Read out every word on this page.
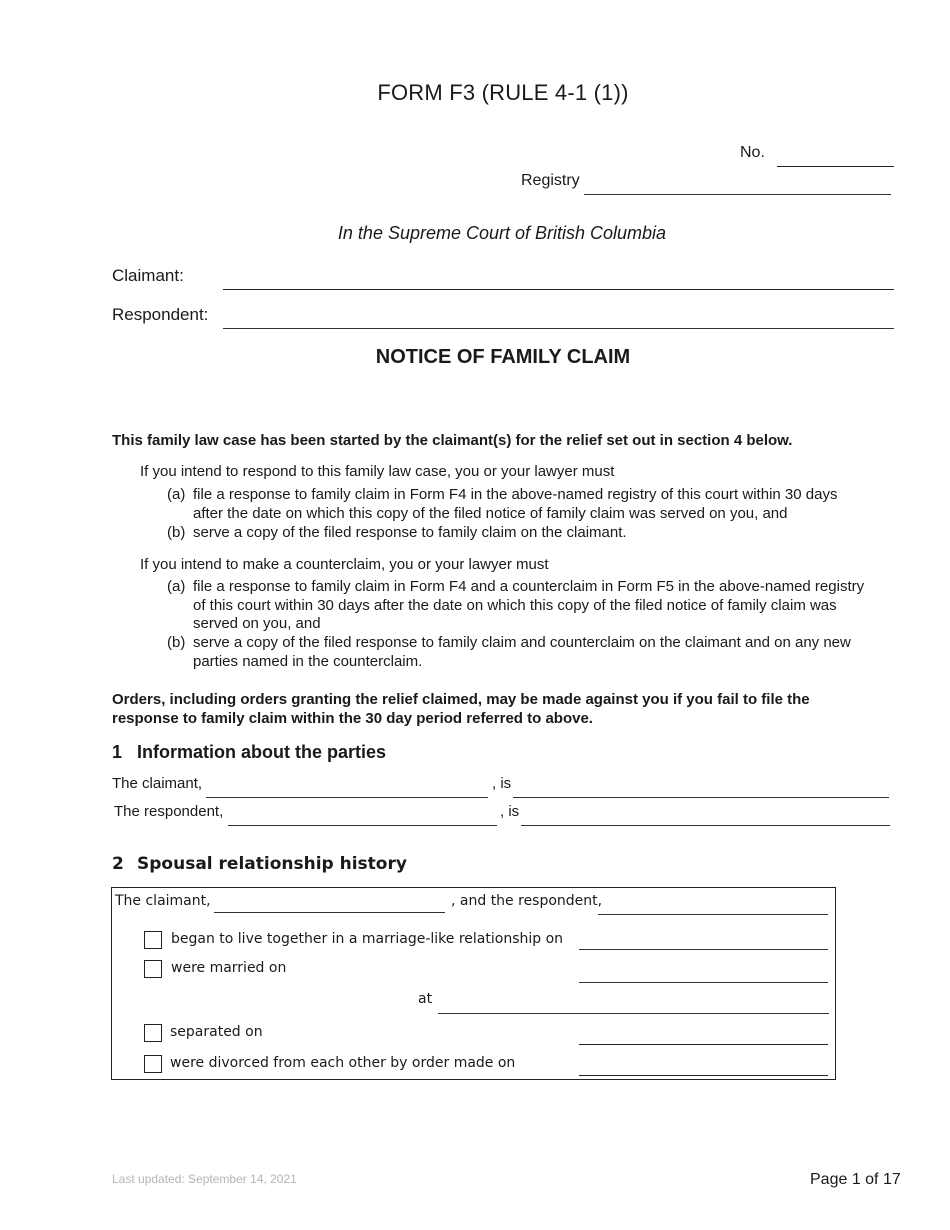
FORM F3 (RULE 4-1 (1))
No.
Registry
In the Supreme Court of British Columbia
Claimant:
Respondent:
NOTICE OF FAMILY CLAIM
This family law case has been started by the claimant(s) for the relief set out in section 4 below.
If you intend to respond to this family law case, you or your lawyer must
(a) file a response to family claim in Form F4 in the above-named registry of this court within 30 days
after the date on which this copy of the filed notice of family claim was served on you, and
(b) serve a copy of the filed response to family claim on the claimant.
If you intend to make a counterclaim, you or your lawyer must
(a) file a response to family claim in Form F4 and a counterclaim in Form F5 in the above-named registry
of this court within 30 days after the date on which this copy of the filed notice of family claim was
served on you, and
(b) serve a copy of the filed response to family claim and counterclaim on the claimant and on any new
parties named in the counterclaim.
Orders, including orders granting the relief claimed, may be made against you if you fail to file the
response to family claim within the 30 day period referred to above.
1 Information about the parties
The claimant,	, is
The respondent,	, is
2 Spousal relationship history
The claimant,	, and the respondent,
began to live together in a marriage-like relationship on
were married on
at
separated on
were divorced from each other by order made on
Last updated: September 14, 2021	Page 1 of 17
